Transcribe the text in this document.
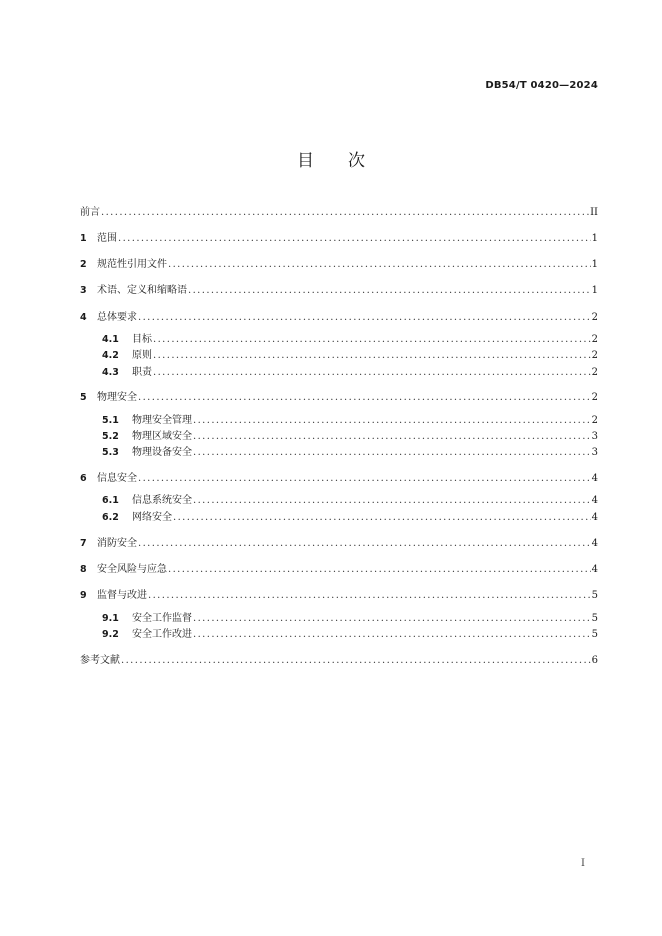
DB54/T 0420—2024
目 次
前言 .....	II
1	范围 .....	1
2	规范性引用文件 .....	1
3	术语、定义和缩略语 .....	1
4	总体要求 .....	2
4.1	目标 .....	2
4.2	原则 .....	2
4.3	职责 .....	2
5	物理安全 .....	2
5.1	物理安全管理 .....	2
5.2	物理区域安全 .....	3
5.3	物理设备安全 .....	3
6	信息安全 .....	4
6.1	信息系统安全 .....	4
6.2	网络安全 .....	4
7	消防安全 .....	4
8	安全风险与应急 .....	4
9	监督与改进 .....	5
9.1	安全工作监督 .....	5
9.2	安全工作改进 .....	5
参考文献 .....	6
I
